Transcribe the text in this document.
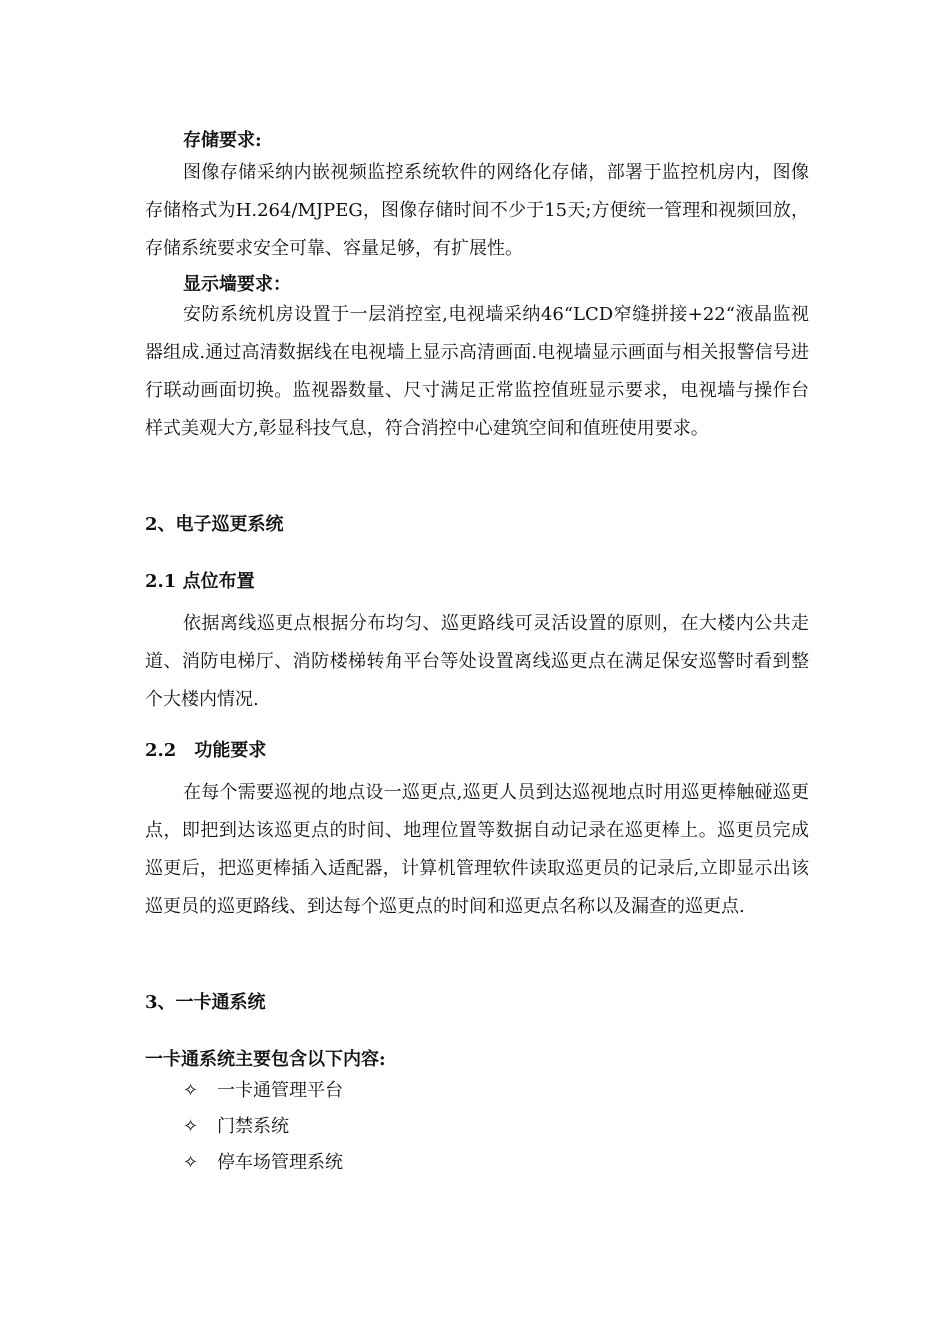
存储要求:

图像存储采纳内嵌视频监控系统软件的网络化存储，部署于监控机房内，图像存储格式为H.264/MJPEG，图像存储时间不少于15天;方便统一管理和视频回放，存储系统要求安全可靠、容量足够，有扩展性。

显示墙要求：

安防系统机房设置于一层消控室,电视墙采纳46“LCD窄缝拼接+22“液晶监视器组成.通过高清数据线在电视墙上显示高清画面.电视墙显示画面与相关报警信号进行联动画面切换。监视器数量、尺寸满足正常监控值班显示要求，电视墙与操作台样式美观大方,彰显科技气息，符合消控中心建筑空间和值班使用要求。

2、电子巡更系统
2.1 点位布置

依据离线巡更点根据分布均匀、巡更路线可灵活设置的原则，在大楼内公共走道、消防电梯厅、消防楼梯转角平台等处设置离线巡更点在满足保安巡警时看到整个大楼内情况.

2.2　功能要求

在每个需要巡视的地点设一巡更点,巡更人员到达巡视地点时用巡更棒触碰巡更点，即把到达该巡更点的时间、地理位置等数据自动记录在巡更棒上。巡更员完成巡更后，把巡更棒插入适配器，计算机管理软件读取巡更员的记录后,立即显示出该巡更员的巡更路线、到达每个巡更点的时间和巡更点名称以及漏查的巡更点.

3、一卡通系统
一卡通系统主要包含以下内容:
✧ 一卡通管理平台
✧ 门禁系统
✧ 停车场管理系统
